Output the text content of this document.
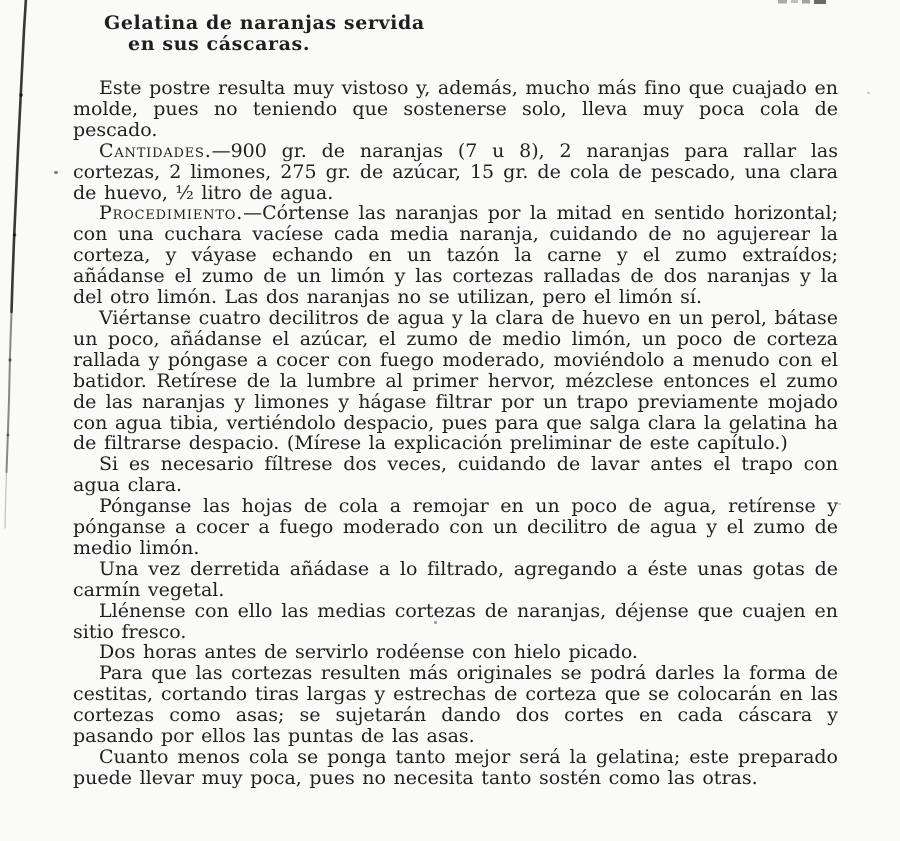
Gelatina de naranjas servida
en sus cáscaras.

Este postre resulta muy vistoso y, además, mucho más fino que cuajado en molde, pues no teniendo que sostenerse solo, lleva muy poca cola de pescado.

Cantidades.—900 gr. de naranjas (7 u 8), 2 naranjas para rallar las cortezas, 2 limones, 275 gr. de azúcar, 15 gr. de cola de pescado, una clara de huevo, ½ litro de agua.

Procedimiento.—Córtense las naranjas por la mitad en sentido horizontal; con una cuchara vacíese cada media naranja, cuidando de no agujerear la corteza, y váyase echando en un tazón la carne y el zumo extraídos; añádanse el zumo de un limón y las cortezas ralladas de dos naranjas y la del otro limón. Las dos naranjas no se utilizan, pero el limón sí.

Viértanse cuatro decilitros de agua y la clara de huevo en un perol, bátase un poco, añádanse el azúcar, el zumo de medio limón, un poco de corteza rallada y póngase a cocer con fuego moderado, moviéndolo a menudo con el batidor. Retírese de la lumbre al primer hervor, mézclese entonces el zumo de las naranjas y limones y hágase filtrar por un trapo previamente mojado con agua tibia, vertiéndolo despacio, pues para que salga clara la gelatina ha de filtrarse despacio. (Mírese la explicación preliminar de este capítulo.)

Si es necesario fíltrese dos veces, cuidando de lavar antes el trapo con agua clara.

Pónganse las hojas de cola a remojar en un poco de agua, retírense y pónganse a cocer a fuego moderado con un decilitro de agua y el zumo de medio limón.

Una vez derretida añádase a lo filtrado, agregando a éste unas gotas de carmín vegetal.

Llénense con ello las medias cortezas de naranjas, déjense que cuajen en sitio fresco.

Dos horas antes de servirlo rodéense con hielo picado.

Para que las cortezas resulten más originales se podrá darles la forma de cestitas, cortando tiras largas y estrechas de corteza que se colocarán en las cortezas como asas; se sujetarán dando dos cortes en cada cáscara y pasando por ellos las puntas de las asas.

Cuanto menos cola se ponga tanto mejor será la gelatina; este preparado puede llevar muy poca, pues no necesita tanto sostén como las otras.
